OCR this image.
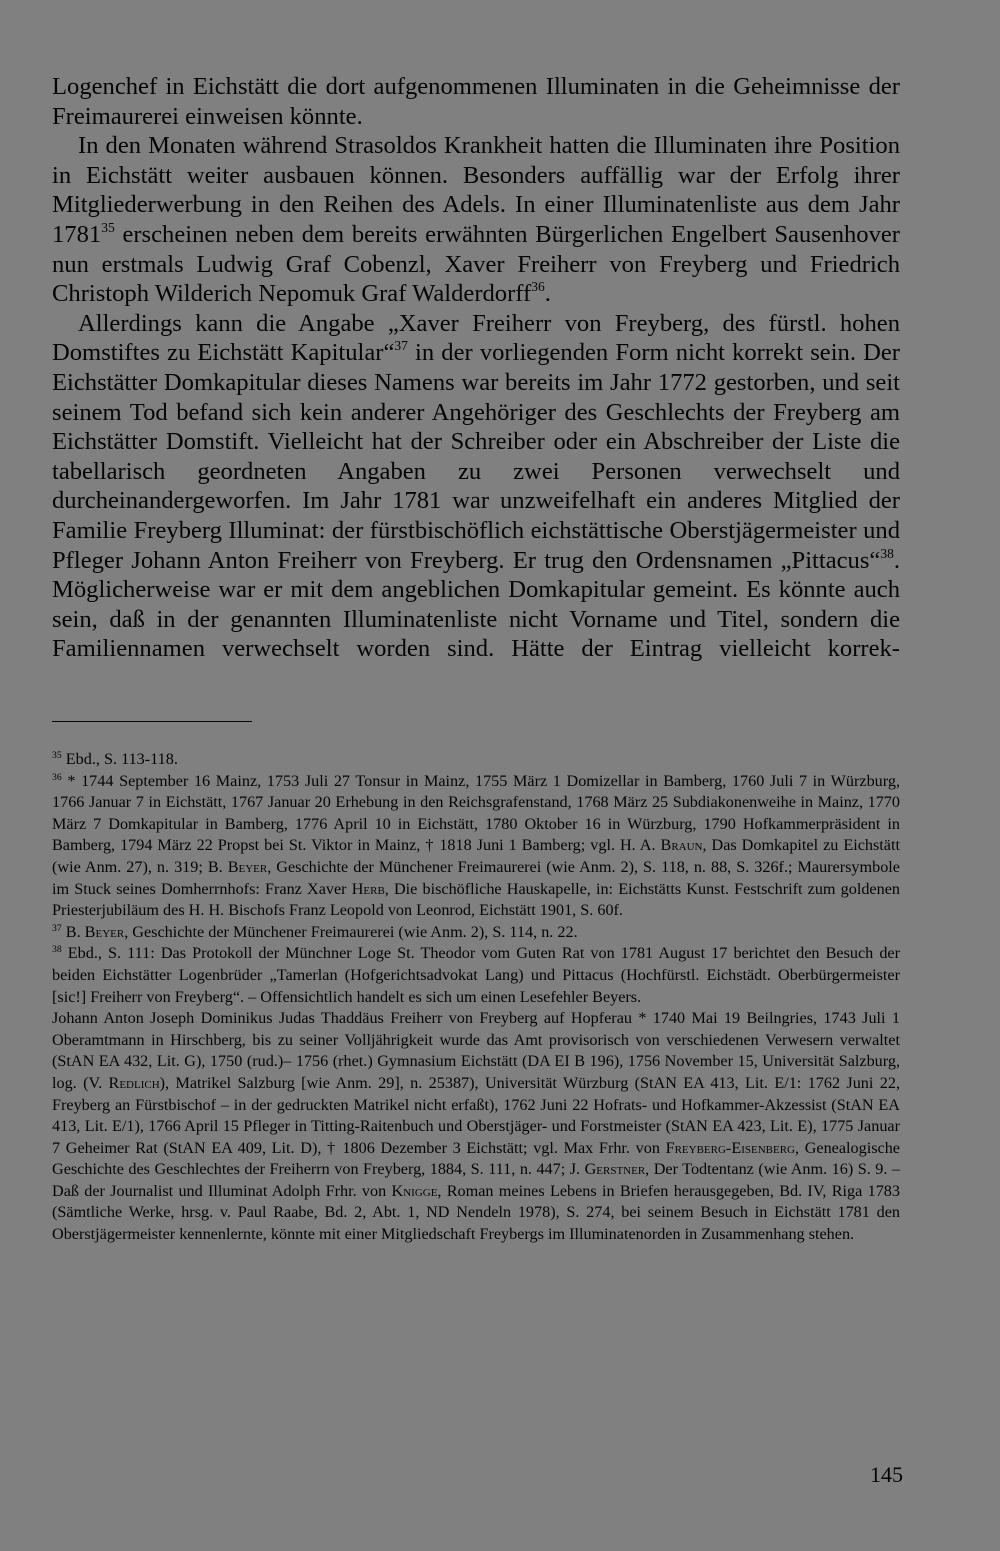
Logenchef in Eichstätt die dort aufgenommenen Illuminaten in die Geheimnisse der Freimaurerei einweisen könnte.

In den Monaten während Strasoldos Krankheit hatten die Illuminaten ihre Position in Eichstätt weiter ausbauen können. Besonders auffällig war der Erfolg ihrer Mitgliederwerbung in den Reihen des Adels. In einer Illuminatenliste aus dem Jahr 1781$^{35}$ erscheinen neben dem bereits erwähnten Bürgerlichen Engelbert Sausenhover nun erstmals Ludwig Graf Cobenzl, Xaver Freiherr von Freyberg und Friedrich Christoph Wilderich Nepomuk Graf Walderdorff$^{36}$.

Allerdings kann die Angabe „Xaver Freiherr von Freyberg, des fürstl. hohen Domstiftes zu Eichstätt Kapitular“$^{37}$ in der vorliegenden Form nicht korrekt sein. Der Eichstätter Domkapitular dieses Namens war bereits im Jahr 1772 gestorben, und seit seinem Tod befand sich kein anderer Angehöriger des Geschlechts der Freyberg am Eichstätter Domstift. Vielleicht hat der Schreiber oder ein Abschreiber der Liste die tabellarisch geordneten Angaben zu zwei Personen verwechselt und durcheinandergeworfen. Im Jahr 1781 war unzweifelhaft ein anderes Mitglied der Familie Freyberg Illuminat: der fürstbischöflich eichstättische Oberstjägermeister und Pfleger Johann Anton Freiherr von Freyberg. Er trug den Ordensnamen „Pittacus“$^{38}$. Möglicherweise war er mit dem angeblichen Domkapitular gemeint. Es könnte auch sein, daß in der genannten Illuminatenliste nicht Vorname und Titel, sondern die Familiennamen verwechselt worden sind. Hätte der Eintrag vielleicht korrek-

$^{35}$ Ebd., S. 113-118.

$^{36}$ * 1744 September 16 Mainz, 1753 Juli 27 Tonsur in Mainz, 1755 März 1 Domizellar in Bamberg, 1760 Juli 7 in Würzburg, 1766 Januar 7 in Eichstätt, 1767 Januar 20 Erhebung in den Reichsgrafenstand, 1768 März 25 Subdiakonenweihe in Mainz, 1770 März 7 Domkapitular in Bamberg, 1776 April 10 in Eichstätt, 1780 Oktober 16 in Würzburg, 1790 Hofkammerpräsident in Bamberg, 1794 März 22 Propst bei St. Viktor in Mainz, † 1818 Juni 1 Bamberg; vgl. H. A. Braun, Das Domkapitel zu Eichstätt (wie Anm. 27), n. 319; B. Beyer, Geschichte der Münchener Freimaurerei (wie Anm. 2), S. 118, n. 88, S. 326f.; Maurersymbole im Stuck seines Domherrnhofs: Franz Xaver Herb, Die bischöfliche Hauskapelle, in: Eichstätts Kunst. Festschrift zum goldenen Priesterjubiläum des H. H. Bischofs Franz Leopold von Leonrod, Eichstätt 1901, S. 60f.

$^{37}$ B. Beyer, Geschichte der Münchener Freimaurerei (wie Anm. 2), S. 114, n. 22.

$^{38}$ Ebd., S. 111: Das Protokoll der Münchner Loge St. Theodor vom Guten Rat von 1781 August 17 berichtet den Besuch der beiden Eichstätter Logenbrüder „Tamerlan (Hofgerichtsadvokat Lang) und Pittacus (Hochfürstl. Eichstädt. Oberbürgermeister [sic!] Freiherr von Freyberg“. – Offensichtlich handelt es sich um einen Lesefehler Beyers.

Johann Anton Joseph Dominikus Judas Thaddäus Freiherr von Freyberg auf Hopferau * 1740 Mai 19 Beilngries, 1743 Juli 1 Oberamtmann in Hirschberg, bis zu seiner Volljährigkeit wurde das Amt provisorisch von verschiedenen Verwesern verwaltet (StAN EA 432, Lit. G), 1750 (rud.)– 1756 (rhet.) Gymnasium Eichstätt (DA EI B 196), 1756 November 15, Universität Salzburg, log. (V. Redlich), Matrikel Salzburg [wie Anm. 29], n. 25387), Universität Würzburg (StAN EA 413, Lit. E/1: 1762 Juni 22, Freyberg an Fürstbischof – in der gedruckten Matrikel nicht erfaßt), 1762 Juni 22 Hofrats- und Hofkammer-Akzessist (StAN EA 413, Lit. E/1), 1766 April 15 Pfleger in Titting-Raitenbuch und Oberstjäger- und Forstmeister (StAN EA 423, Lit. E), 1775 Januar 7 Geheimer Rat (StAN EA 409, Lit. D), † 1806 Dezember 3 Eichstätt; vgl. Max Frhr. von Freyberg-Eisenberg, Genealogische Geschichte des Geschlechtes der Freiherrn von Freyberg, 1884, S. 111, n. 447; J. Gerstner, Der Todtentanz (wie Anm. 16) S. 9. – Daß der Journalist und Illuminat Adolph Frhr. von Knigge, Roman meines Lebens in Briefen herausgegeben, Bd. IV, Riga 1783 (Sämtliche Werke, hrsg. v. Paul Raabe, Bd. 2, Abt. 1, ND Nendeln 1978), S. 274, bei seinem Besuch in Eichstätt 1781 den Oberstjägermeister kennenlernte, könnte mit einer Mitgliedschaft Freybergs im Illuminatenorden in Zusammenhang stehen.

145
